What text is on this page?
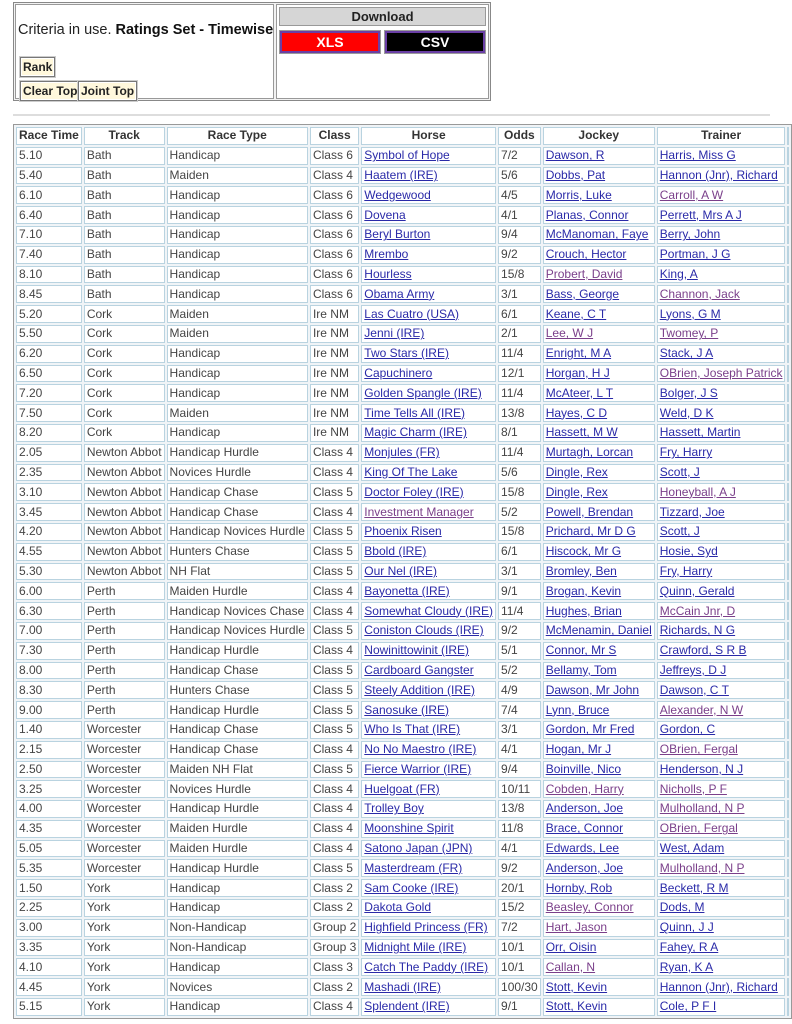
Criteria in use. Ratings Set - Timewise
Rank
Clear Top Joint Top
Download
XLS	CSV
Race Time	Track	Race Type	Class	Horse	Odds	Jockey	Trainer	
5.10	Bath	Handicap	Class 6	Symbol of Hope	7/2	Dawson, R	Harris, Miss G	
5.40	Bath	Maiden	Class 4	Haatem (IRE)	5/6	Dobbs, Pat	Hannon (Jnr), Richard	
6.10	Bath	Handicap	Class 6	Wedgewood	4/5	Morris, Luke	Carroll, A W	
6.40	Bath	Handicap	Class 6	Dovena	4/1	Planas, Connor	Perrett, Mrs A J	
7.10	Bath	Handicap	Class 6	Beryl Burton	9/4	McManoman, Faye	Berry, John	
7.40	Bath	Handicap	Class 6	Mrembo	9/2	Crouch, Hector	Portman, J G	
8.10	Bath	Handicap	Class 6	Hourless	15/8	Probert, David	King, A	
8.45	Bath	Handicap	Class 6	Obama Army	3/1	Bass, George	Channon, Jack	
5.20	Cork	Maiden	Ire NM	Las Cuatro (USA)	6/1	Keane, C T	Lyons, G M	
5.50	Cork	Maiden	Ire NM	Jenni (IRE)	2/1	Lee, W J	Twomey, P	
6.20	Cork	Handicap	Ire NM	Two Stars (IRE)	11/4	Enright, M A	Stack, J A	
6.50	Cork	Handicap	Ire NM	Capuchinero	12/1	Horgan, H J	OBrien, Joseph Patrick	
7.20	Cork	Handicap	Ire NM	Golden Spangle (IRE)	11/4	McAteer, L T	Bolger, J S	
7.50	Cork	Maiden	Ire NM	Time Tells All (IRE)	13/8	Hayes, C D	Weld, D K	
8.20	Cork	Handicap	Ire NM	Magic Charm (IRE)	8/1	Hassett, M W	Hassett, Martin	
2.05	Newton Abbot	Handicap Hurdle	Class 4	Monjules (FR)	11/4	Murtagh, Lorcan	Fry, Harry	
2.35	Newton Abbot	Novices Hurdle	Class 4	King Of The Lake	5/6	Dingle, Rex	Scott, J	
3.10	Newton Abbot	Handicap Chase	Class 5	Doctor Foley (IRE)	15/8	Dingle, Rex	Honeyball, A J	
3.45	Newton Abbot	Handicap Chase	Class 4	Investment Manager	5/2	Powell, Brendan	Tizzard, Joe	
4.20	Newton Abbot	Handicap Novices Hurdle	Class 5	Phoenix Risen	15/8	Prichard, Mr D G	Scott, J	
4.55	Newton Abbot	Hunters Chase	Class 5	Bbold (IRE)	6/1	Hiscock, Mr G	Hosie, Syd	
5.30	Newton Abbot	NH Flat	Class 5	Our Nel (IRE)	3/1	Bromley, Ben	Fry, Harry	
6.00	Perth	Maiden Hurdle	Class 4	Bayonetta (IRE)	9/1	Brogan, Kevin	Quinn, Gerald	
6.30	Perth	Handicap Novices Chase	Class 4	Somewhat Cloudy (IRE)	11/4	Hughes, Brian	McCain Jnr, D	
7.00	Perth	Handicap Novices Hurdle	Class 5	Coniston Clouds (IRE)	9/2	McMenamin, Daniel	Richards, N G	
7.30	Perth	Handicap Hurdle	Class 4	Nowinittowinit (IRE)	5/1	Connor, Mr S	Crawford, S R B	
8.00	Perth	Handicap Chase	Class 5	Cardboard Gangster	5/2	Bellamy, Tom	Jeffreys, D J	
8.30	Perth	Hunters Chase	Class 5	Steely Addition (IRE)	4/9	Dawson, Mr John	Dawson, C T	
9.00	Perth	Handicap Hurdle	Class 5	Sanosuke (IRE)	7/4	Lynn, Bruce	Alexander, N W	
1.40	Worcester	Handicap Chase	Class 5	Who Is That (IRE)	3/1	Gordon, Mr Fred	Gordon, C	
2.15	Worcester	Handicap Chase	Class 4	No No Maestro (IRE)	4/1	Hogan, Mr J	OBrien, Fergal	
2.50	Worcester	Maiden NH Flat	Class 5	Fierce Warrior (IRE)	9/4	Boinville, Nico	Henderson, N J	
3.25	Worcester	Novices Hurdle	Class 4	Huelgoat (FR)	10/11	Cobden, Harry	Nicholls, P F	
4.00	Worcester	Handicap Hurdle	Class 4	Trolley Boy	13/8	Anderson, Joe	Mulholland, N P	
4.35	Worcester	Maiden Hurdle	Class 4	Moonshine Spirit	11/8	Brace, Connor	OBrien, Fergal	
5.05	Worcester	Maiden Hurdle	Class 4	Satono Japan (JPN)	4/1	Edwards, Lee	West, Adam	
5.35	Worcester	Handicap Hurdle	Class 5	Masterdream (FR)	9/2	Anderson, Joe	Mulholland, N P	
1.50	York	Handicap	Class 2	Sam Cooke (IRE)	20/1	Hornby, Rob	Beckett, R M	
2.25	York	Handicap	Class 2	Dakota Gold	15/2	Beasley, Connor	Dods, M	
3.00	York	Non-Handicap	Group 2	Highfield Princess (FR)	7/2	Hart, Jason	Quinn, J J	
3.35	York	Non-Handicap	Group 3	Midnight Mile (IRE)	10/1	Orr, Oisin	Fahey, R A	
4.10	York	Handicap	Class 3	Catch The Paddy (IRE)	10/1	Callan, N	Ryan, K A	
4.45	York	Novices	Class 2	Mashadi (IRE)	100/30	Stott, Kevin	Hannon (Jnr), Richard	
5.15	York	Handicap	Class 4	Splendent (IRE)	9/1	Stott, Kevin	Cole, P F I	
